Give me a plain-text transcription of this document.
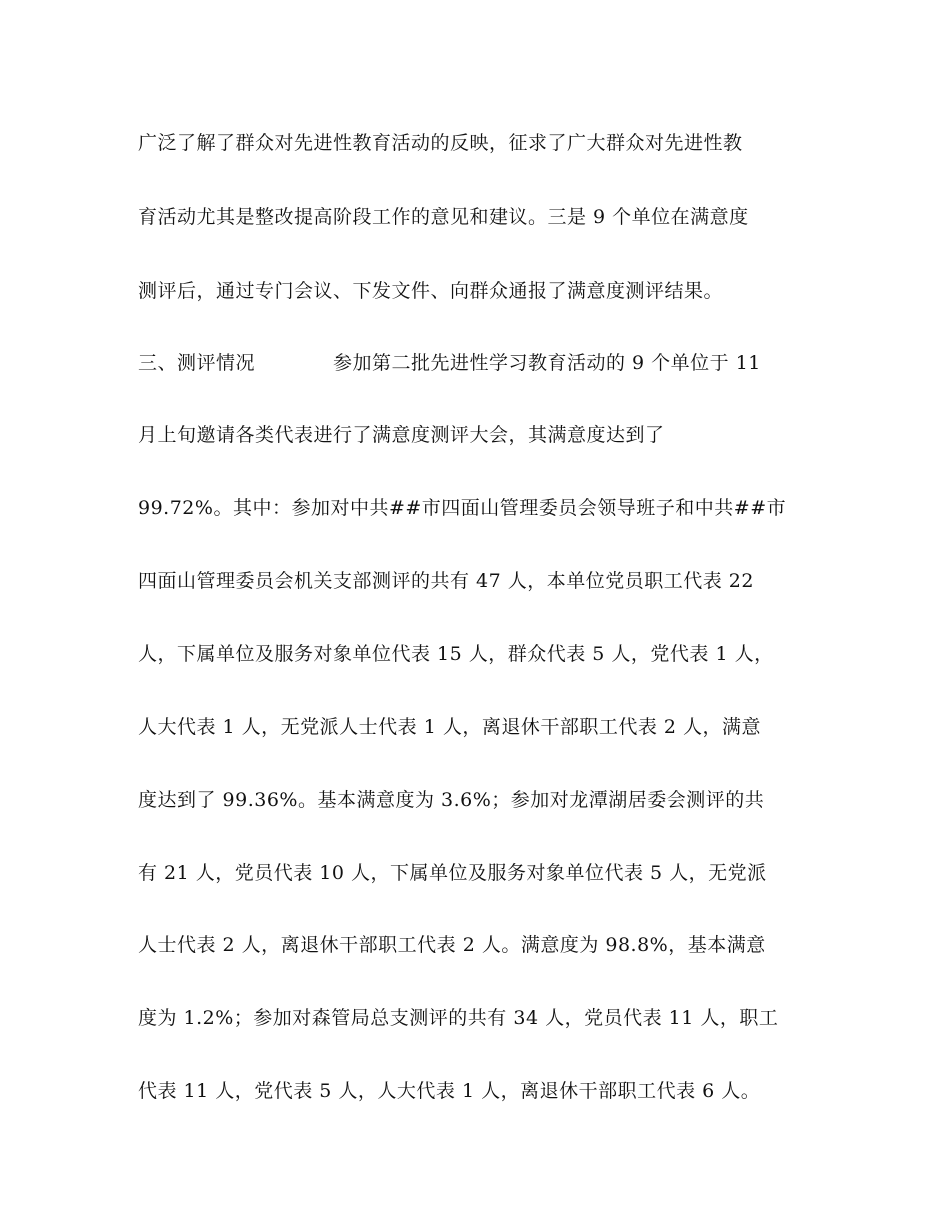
广泛了解了群众对先进性教育活动的反映，征求了广大群众对先进性教
育活动尤其是整改提高阶段工作的意见和建议。三是 9 个单位在满意度
测评后，通过专门会议、下发文件、向群众通报了满意度测评结果。
三、测评情况	参加第二批先进性学习教育活动的 9 个单位于 11
月上旬邀请各类代表进行了满意度测评大会，其满意度达到了
99.72%。其中：参加对中共##市四面山管理委员会领导班子和中共##市
四面山管理委员会机关支部测评的共有 47 人，本单位党员职工代表 22
人，下属单位及服务对象单位代表 15 人，群众代表 5 人，党代表 1 人，
人大代表 1 人，无党派人士代表 1 人，离退休干部职工代表 2 人，满意
度达到了 99.36%。基本满意度为 3.6%；参加对龙潭湖居委会测评的共
有 21 人，党员代表 10 人，下属单位及服务对象单位代表 5 人，无党派
人士代表 2 人，离退休干部职工代表 2 人。满意度为 98.8%，基本满意
度为 1.2%；参加对森管局总支测评的共有 34 人，党员代表 11 人，职工
代表 11 人，党代表 5 人，人大代表 1 人，离退休干部职工代表 6 人。
